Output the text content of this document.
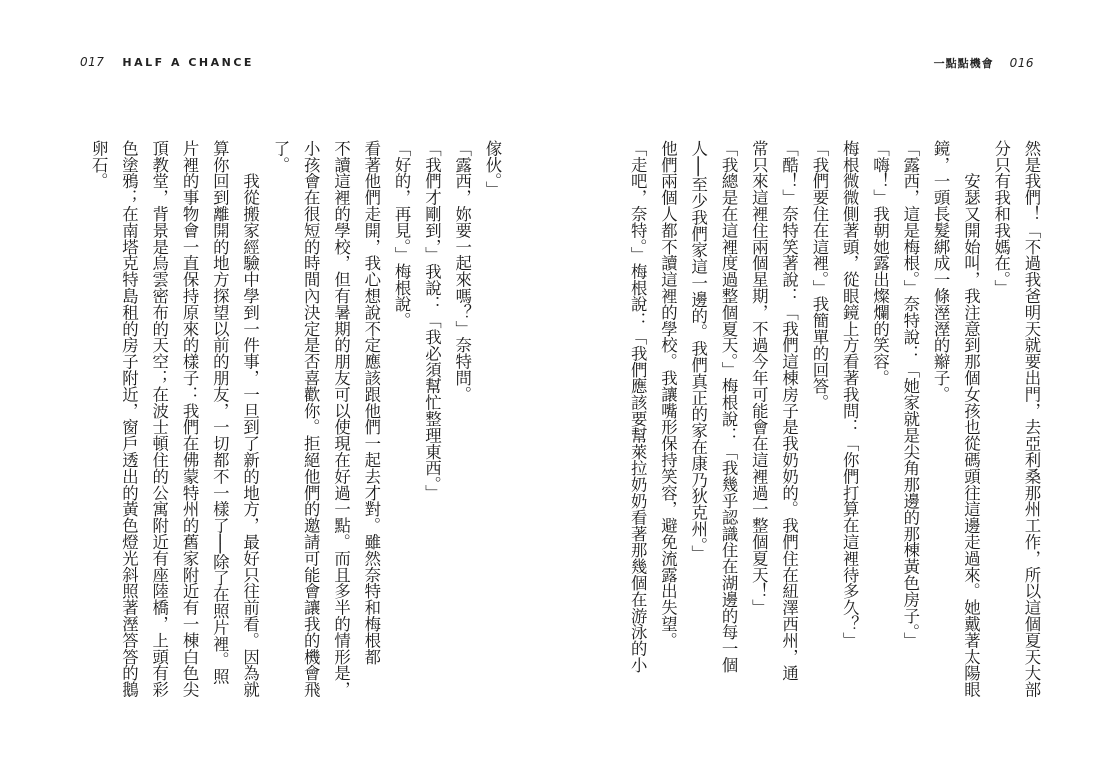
017 HALF A CHANCE	一點點機會 016
然是我們！「不過我爸明天就要出門，去亞利桑那州工作，所以這個夏天大部
分只有我和我媽在。」
　　安瑟又開始叫，我注意到那個女孩也從碼頭往這邊走過來。她戴著太陽眼
鏡，一頭長髮綁成一條溼溼的辮子。
「露西，這是梅根。」奈特說：「她家就是尖角那邊的那棟黃色房子。」
「嗨！」我朝她露出燦爛的笑容。
梅根微微側著頭，從眼鏡上方看著我問：「你們打算在這裡待多久？」
「我們要住在這裡。」我簡單的回答。
「酷！」奈特笑著說：「我們這棟房子是我奶奶的。我們住在紐澤西州，通
常只來這裡住兩個星期，不過今年可能會在這裡過一整個夏天！」
「我總是在這裡度過整個夏天。」梅根說：「我幾乎認識住在湖邊的每一個
人──至少我們家這一邊的。我們真正的家在康乃狄克州。」
他們兩個人都不讀這裡的學校。我讓嘴形保持笑容，避免流露出失望。
「走吧，奈特。」梅根說：「我們應該要幫萊拉奶奶看著那幾個在游泳的小
傢伙。」
「露西，妳要一起來嗎？」奈特問。
「我們才剛到，」我說：「我必須幫忙整理東西。」
「好的，再見。」梅根說。
看著他們走開，我心想說不定應該跟他們一起去才對。雖然奈特和梅根都
不讀這裡的學校，但有暑期的朋友可以使現在好過一點。而且多半的情形是，
小孩會在很短的時間內決定是否喜歡你。拒絕他們的邀請可能會讓我的機會飛
了。
　　我從搬家經驗中學到一件事，一旦到了新的地方，最好只往前看。因為就
算你回到離開的地方探望以前的朋友，一切都不一樣了──除了在照片裡。照
片裡的事物會一直保持原來的樣子：我們在佛蒙特州的舊家附近有一棟白色尖
頂教堂，背景是烏雲密布的天空；在波士頓住的公寓附近有座陸橋，上頭有彩
色塗鴉；在南塔克特島租的房子附近，窗戶透出的黃色燈光斜照著溼答答的鵝
卵石。
